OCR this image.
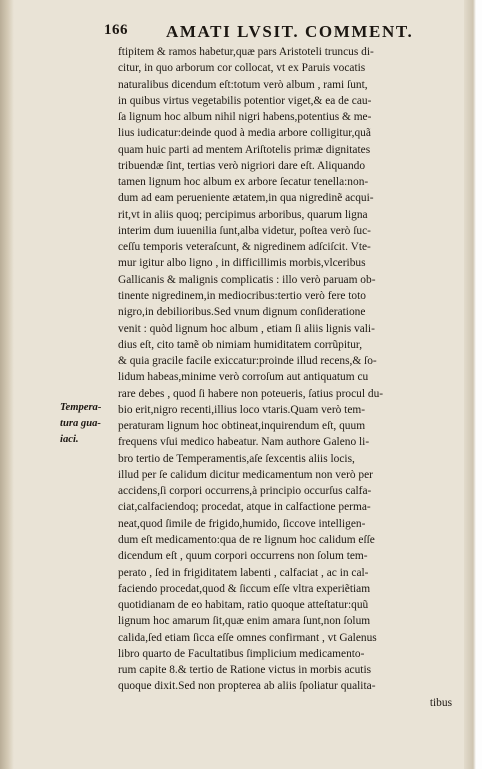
166 AMATI LVSIT. COMMENT.
Tempera-
tura gua-
iaci.
ftipitem & ramos habetur,quæ pars Aristoteli truncus di-
citur, in quo arborum cor collocat, vt ex Paruis vocatis
naturalibus dicendum eſt:totum verò album , rami ſunt,
in quibus virtus vegetabilis potentior viget,& ea de cau-
ſa lignum hoc album nihil nigri habens,potentius & me-
lius iudicatur:deinde quod à media arbore colligitur,quã
quam huic parti ad mentem Ariſtotelis primæ dignitates
tribuendæ ſint, tertias verò nigriori dare eſt. Aliquando
tamen lignum hoc album ex arbore ſecatur tenella:non-
dum ad eam perueniente ætatem,in qua nigredinẽ acqui-
rit,vt in aliis quoq; percipimus arboribus, quarum ligna
interim dum iuuenilia ſunt,alba videtur, poſtea verò ſuc-
ceſſu temporis veteraſcunt, & nigredinem adſciſcit. Vte-
mur igitur albo ligno , in difficillimis morbis,vlceribus
Gallicanis & malignis complicatis : illo verò paruam ob-
tinente nigredinem,in mediocribus:tertio verò fere toto
nigro,in debilioribus.Sed vnum dignum conſideratione
venit : quòd lignum hoc album , etiam ſi aliis lignis vali-
dius eſt, cito tamẽ ob nimiam humiditatem corrũpitur,
& quia gracile facile exiccatur:proinde illud recens,& ſo-
lidum habeas,minime verò corroſum aut antiquatum cu
rare debes , quod ſi habere non poteueris, ſatius procul du-
bio erit,nigro recenti,illius loco vtaris.Quam verò tem-
peraturam lignum hoc obtineat,inquirendum eſt, quum
frequens vſui medico habeatur. Nam authore Galeno li-
bro tertio de Temperamentis,aſe ſexcentis aliis locis,
illud per ſe calidum dicitur medicamentum non verò per
accidens,ſi corpori occurrens,à principio occurſus calfa-
ciat,calfaciendoq; procedat, atque in calfactione perma-
neat,quod ſimile de frigido,humido, ſiccove intelligen-
dum eſt medicamento:qua de re lignum hoc calidum eſſe
dicendum eſt , quum corpori occurrens non ſolum tem-
perato , ſed in frigiditatem labenti , calfaciat , ac in cal-
faciendo procedat,quod & ſiccum eſſe vltra experiẽtiam
quotidianam de eo habitam, ratio quoque atteſtatur:quũ
lignum hoc amarum ſit,quæ enim amara ſunt,non ſolum
calida,ſed etiam ſicca eſſe omnes confirmant , vt Galenus
libro quarto de Facultatibus ſimplicium medicamento-
rum capite 8.& tertio de Ratione victus in morbis acutis
quoque dixit.Sed non propterea ab aliis ſpoliatur qualita-
tibus
